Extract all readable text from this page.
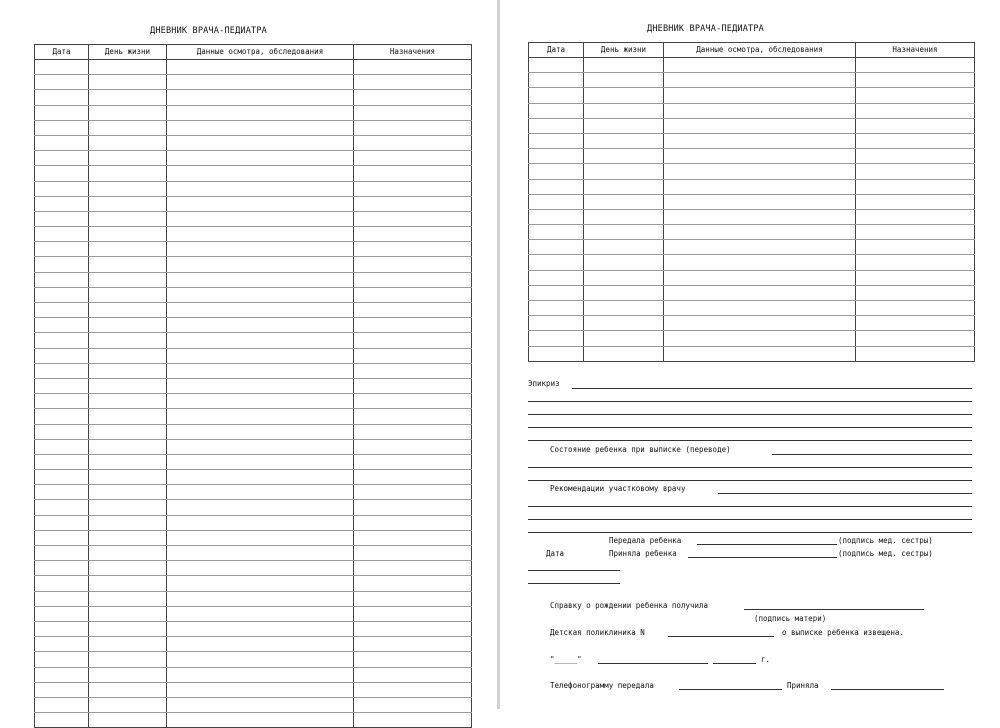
ДНЕВНИК ВРАЧА-ПЕДИАТРА
Дата	День жизни	Данные осмотра, обследования	Назначения

ДНЕВНИК ВРАЧА-ПЕДИАТРА
Дата	День жизни	Данные осмотра, обследования	Назначения

Эпикриз
Состояние ребенка при выписке (переводе)
Рекомендации участковому врачу
Передала ребенка	(подпись мед. сестры)
Дата	Приняла ребенка	(подпись мед. сестры)
Справку о рождении ребенка получила
(подпись матери)
Детская поликлиника N	о выписке ребенка извещена.
"_____"	г.
Телефонограмму передала	Приняла
